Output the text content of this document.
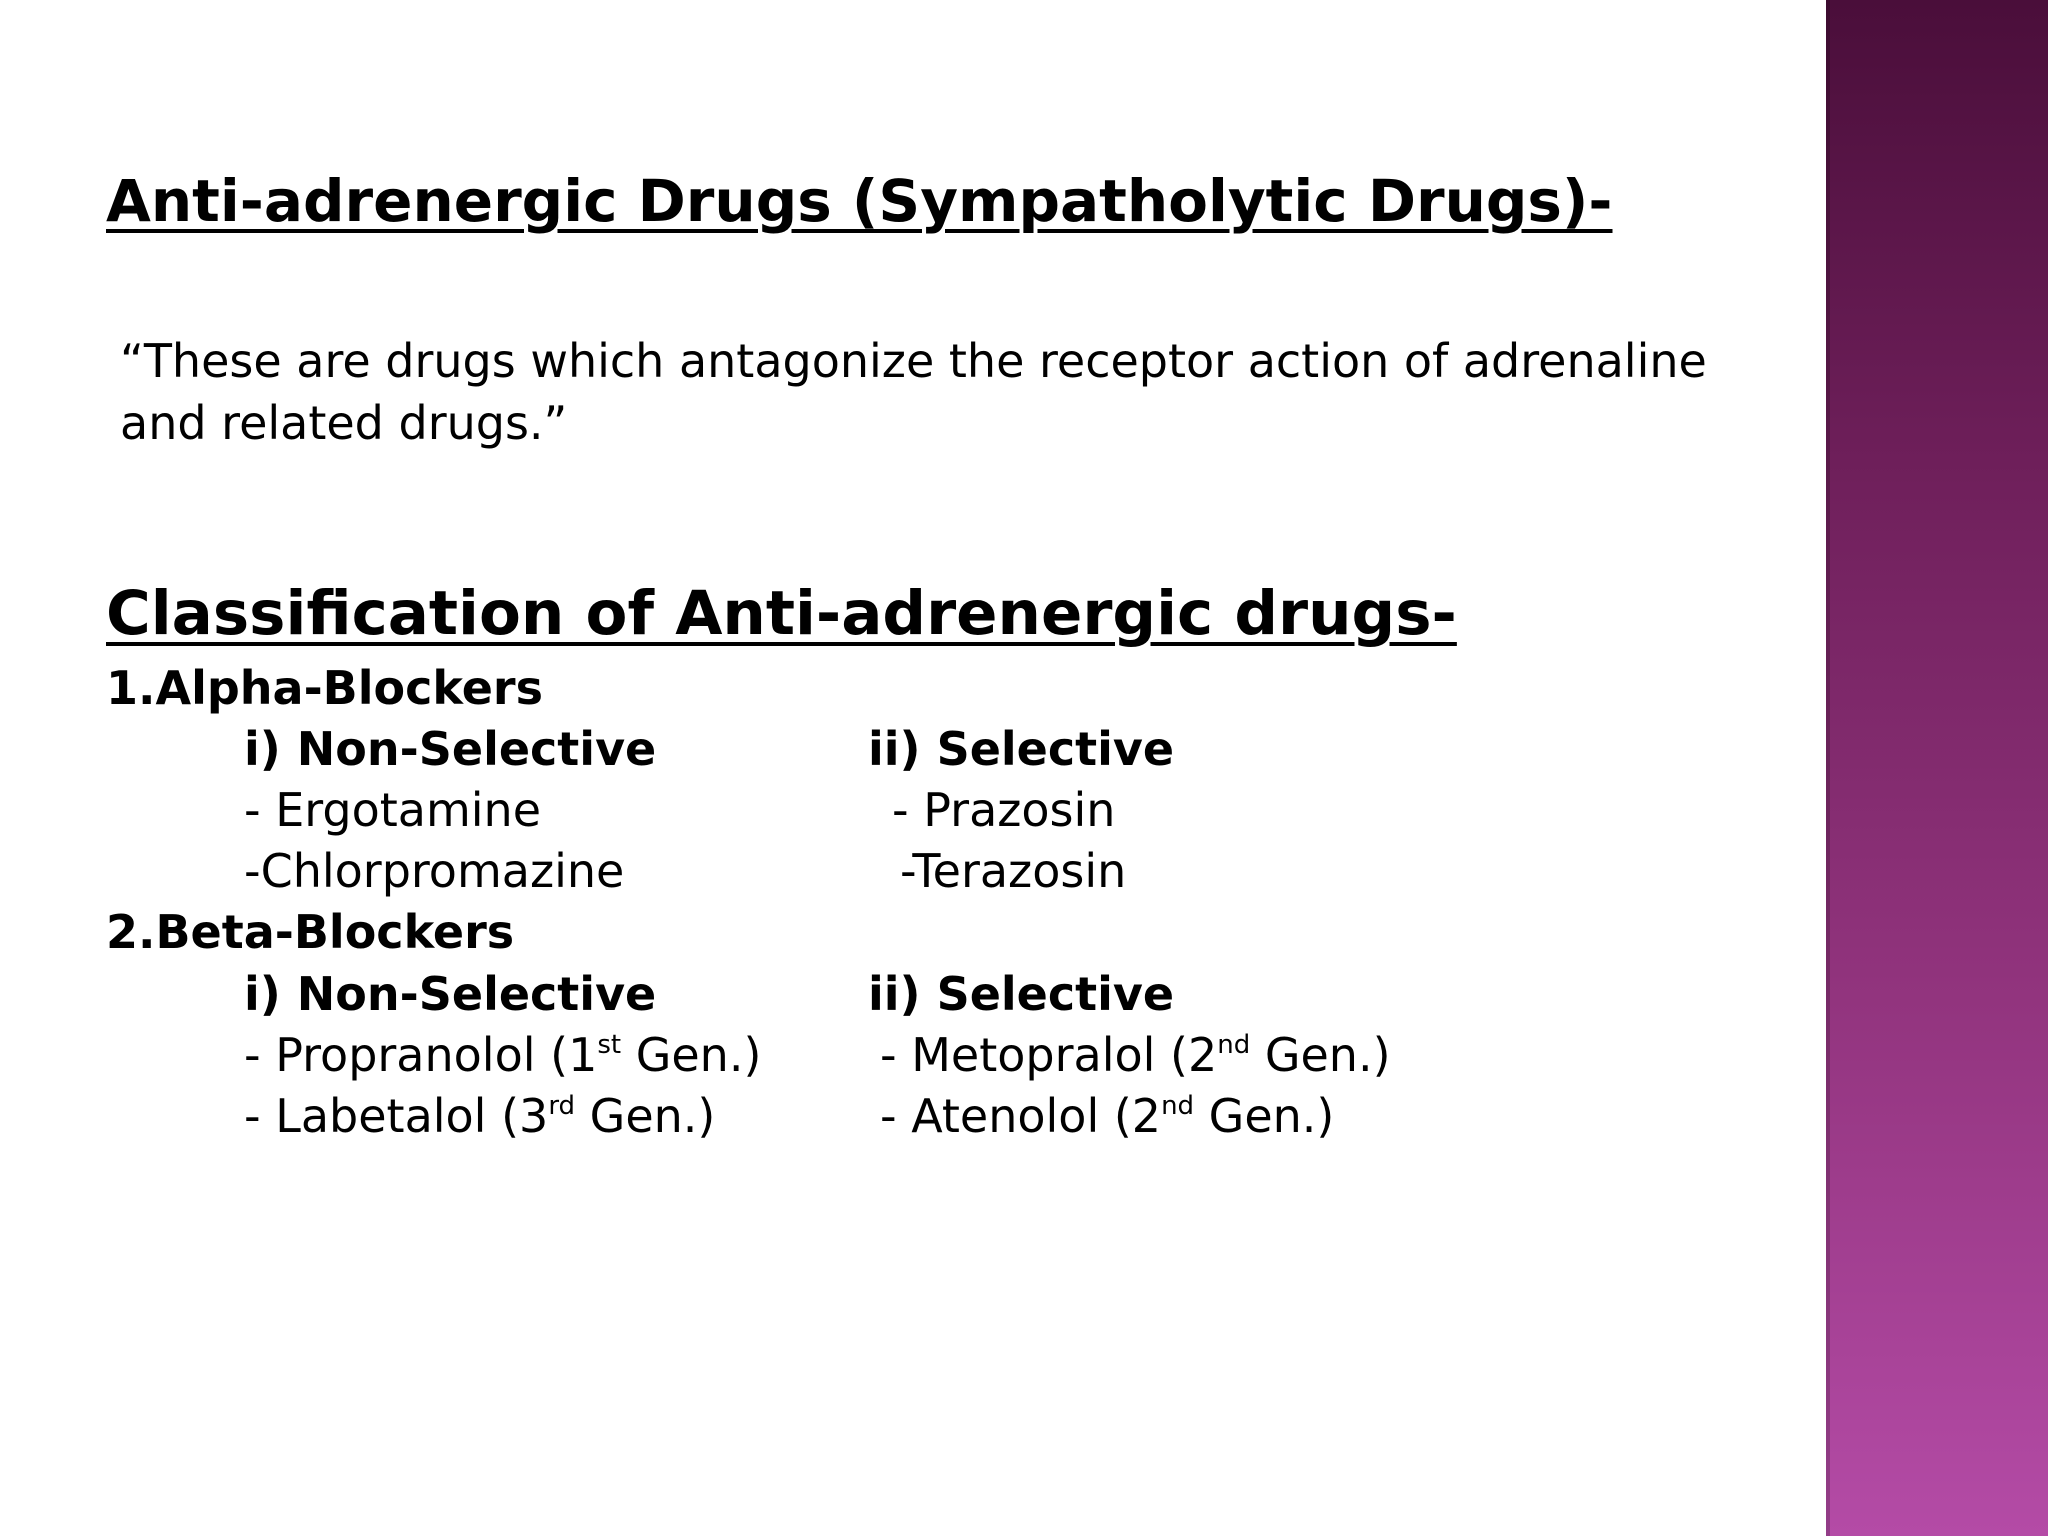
Anti-adrenergic Drugs (Sympatholytic Drugs)-
“These are drugs which antagonize the receptor action of adrenaline and related drugs.”
Classification of Anti-adrenergic drugs-
1.Alpha-Blockers
i) Non-Selective	ii) Selective
- Ergotamine	- Prazosin
-Chlorpromazine	-Terazosin
2.Beta-Blockers
i) Non-Selective	ii) Selective
- Propranolol (1st Gen.)	- Metopralol (2nd Gen.)
- Labetalol (3rd Gen.)	- Atenolol (2nd Gen.)
